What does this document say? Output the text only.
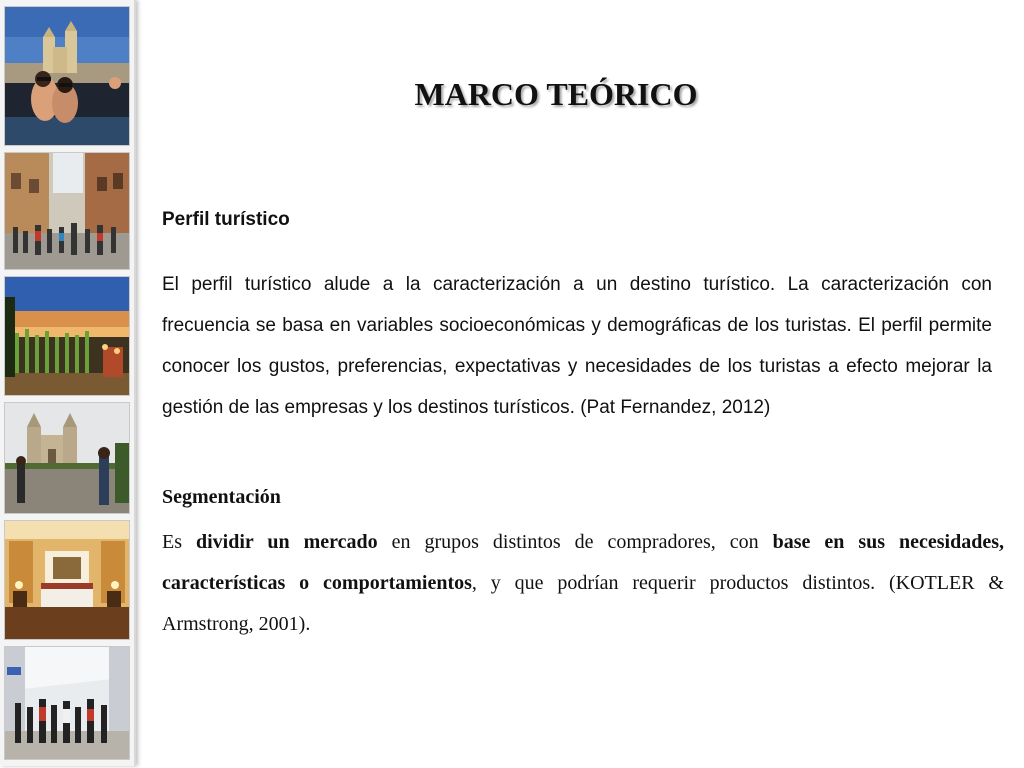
MARCO TEÓRICO
Perfil turístico

El perfil turístico alude a la caracterización a un destino turístico. La caracterización con frecuencia se basa en variables socioeconómicas y demográficas de los turistas. El perfil permite conocer los gustos, preferencias, expectativas y necesidades de los turistas a efecto mejorar la gestión de las empresas y los destinos turísticos. (Pat Fernandez, 2012)

Segmentación

Es dividir un mercado en grupos distintos de compradores, con base en sus necesidades, características o comportamientos, y que podrían requerir productos distintos. (KOTLER & Armstrong, 2001).
